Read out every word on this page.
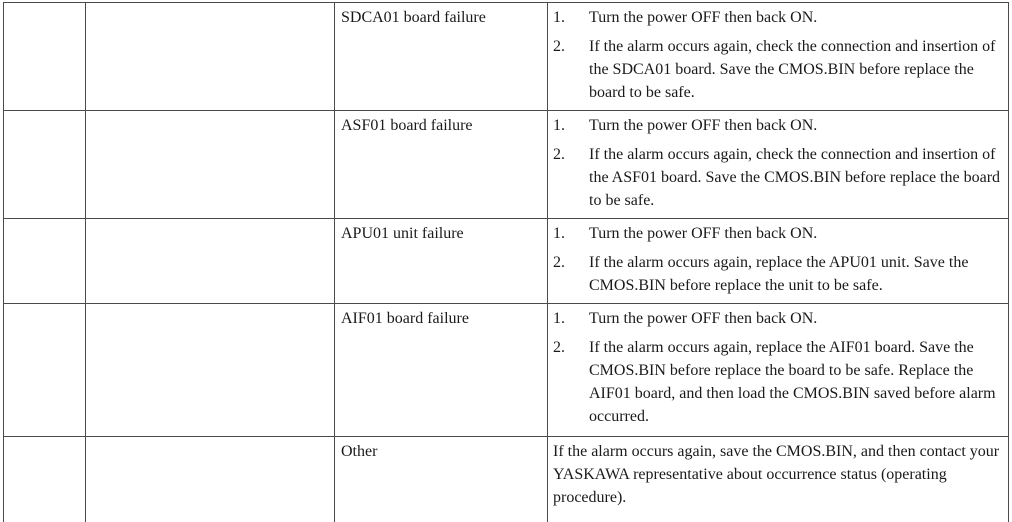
		SDCA01 board failure	1. Turn the power OFF then back ON.
2. If the alarm occurs again, check the connection and insertion of the SDCA01 board. Save the CMOS.BIN before replace the board to be safe.

		ASF01 board failure	1. Turn the power OFF then back ON.
2. If the alarm occurs again, check the connection and insertion of the ASF01 board. Save the CMOS.BIN before replace the board to be safe.

		APU01 unit failure	1. Turn the power OFF then back ON.
2. If the alarm occurs again, replace the APU01 unit. Save the CMOS.BIN before replace the unit to be safe.

		AIF01 board failure	1. Turn the power OFF then back ON.
2. If the alarm occurs again, replace the AIF01 board. Save the CMOS.BIN before replace the board to be safe. Replace the AIF01 board, and then load the CMOS.BIN saved before alarm occurred.

		Other	If the alarm occurs again, save the CMOS.BIN, and then contact your YASKAWA representative about occurrence status (operating procedure).
